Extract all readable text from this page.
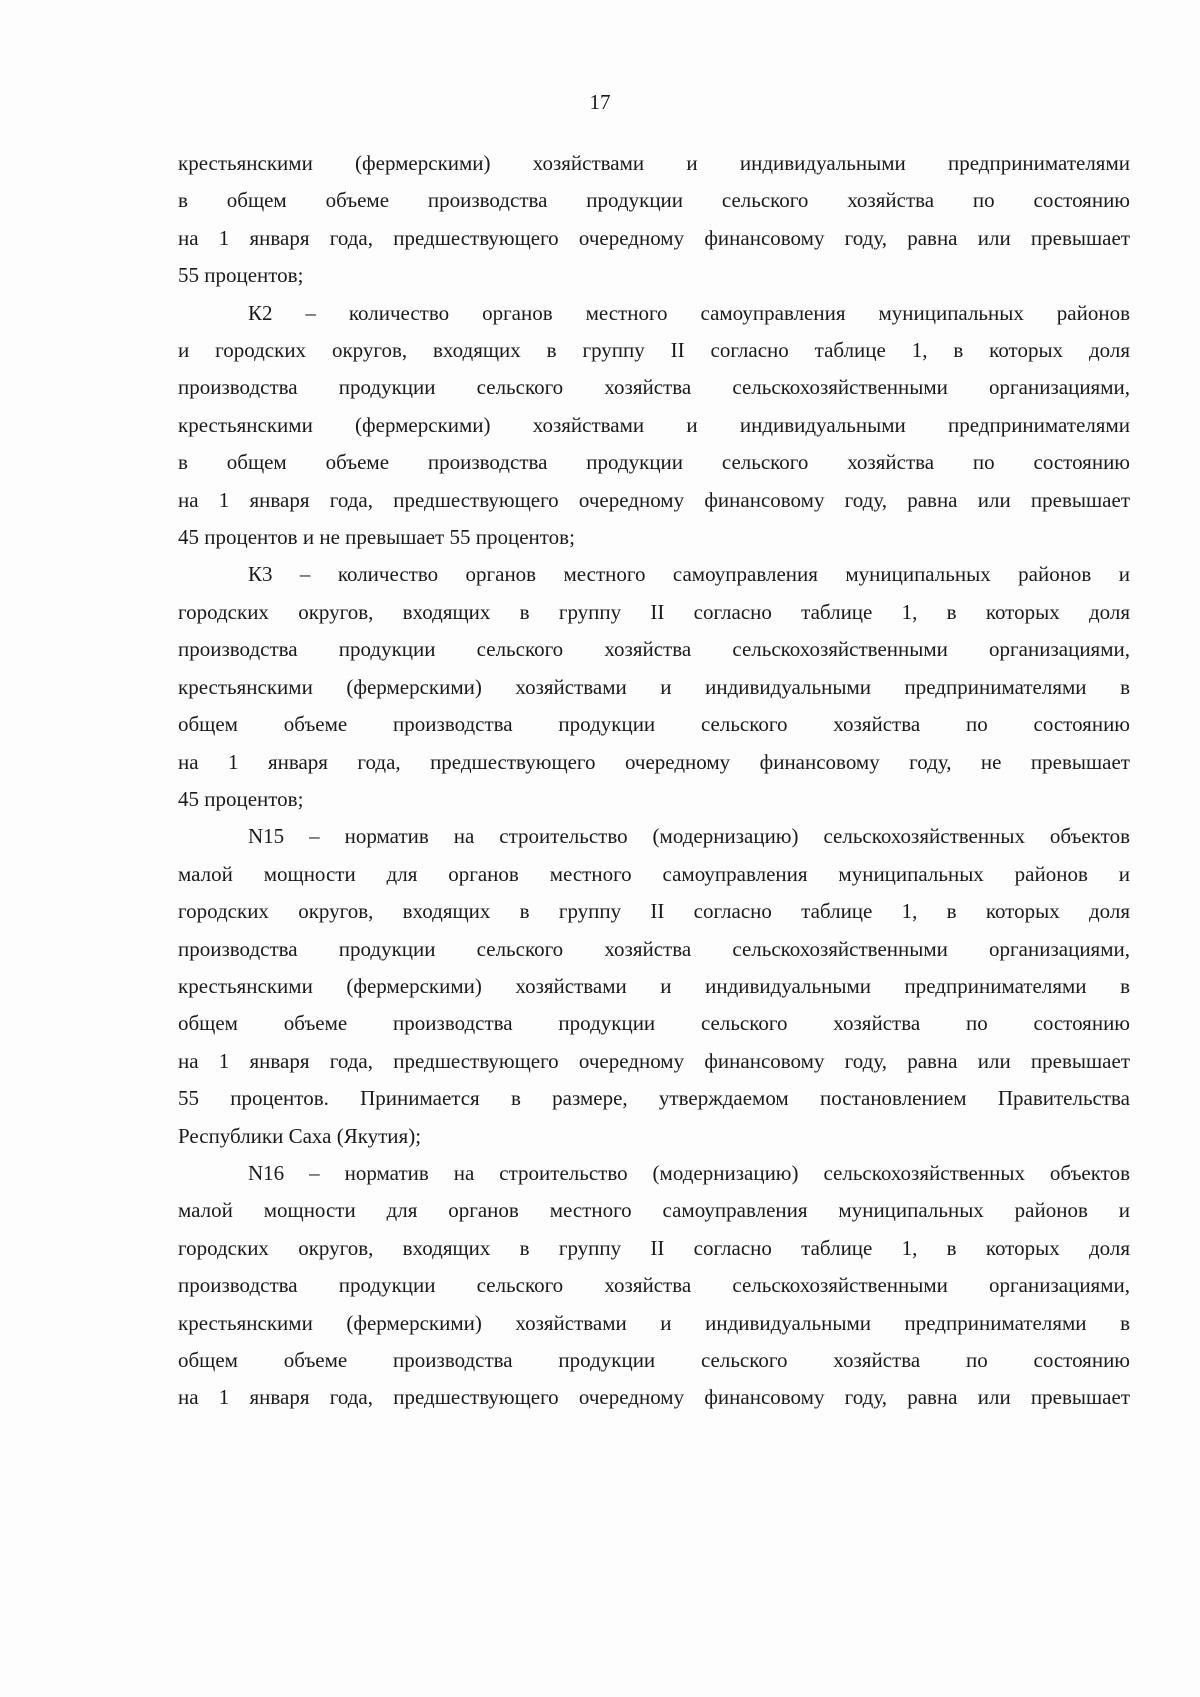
17

крестьянскими (фермерскими) хозяйствами и индивидуальными предпринимателями
в общем объеме производства продукции сельского хозяйства по состоянию
на 1 января года, предшествующего очередному финансовому году, равна или превышает
55 процентов;

К2 – количество органов местного самоуправления муниципальных районов
и городских округов, входящих в группу II согласно таблице 1, в которых доля
производства продукции сельского хозяйства сельскохозяйственными организациями,
крестьянскими (фермерскими) хозяйствами и индивидуальными предпринимателями
в общем объеме производства продукции сельского хозяйства по состоянию
на 1 января года, предшествующего очередному финансовому году, равна или превышает
45 процентов и не превышает 55 процентов;

К3 – количество органов местного самоуправления муниципальных районов и
городских округов, входящих в группу II согласно таблице 1, в которых доля
производства продукции сельского хозяйства сельскохозяйственными организациями,
крестьянскими (фермерскими) хозяйствами и индивидуальными предпринимателями в
общем объеме производства продукции сельского хозяйства по состоянию
на 1 января года, предшествующего очередному финансовому году, не превышает
45 процентов;

N15 – норматив на строительство (модернизацию) сельскохозяйственных объектов
малой мощности для органов местного самоуправления муниципальных районов и
городских округов, входящих в группу II согласно таблице 1, в которых доля
производства продукции сельского хозяйства сельскохозяйственными организациями,
крестьянскими (фермерскими) хозяйствами и индивидуальными предпринимателями в
общем объеме производства продукции сельского хозяйства по состоянию
на 1 января года, предшествующего очередному финансовому году, равна или превышает
55 процентов. Принимается в размере, утверждаемом постановлением Правительства
Республики Саха (Якутия);

N16 – норматив на строительство (модернизацию) сельскохозяйственных объектов
малой мощности для органов местного самоуправления муниципальных районов и
городских округов, входящих в группу II согласно таблице 1, в которых доля
производства продукции сельского хозяйства сельскохозяйственными организациями,
крестьянскими (фермерскими) хозяйствами и индивидуальными предпринимателями в
общем объеме производства продукции сельского хозяйства по состоянию
на 1 января года, предшествующего очередному финансовому году, равна или превышает
